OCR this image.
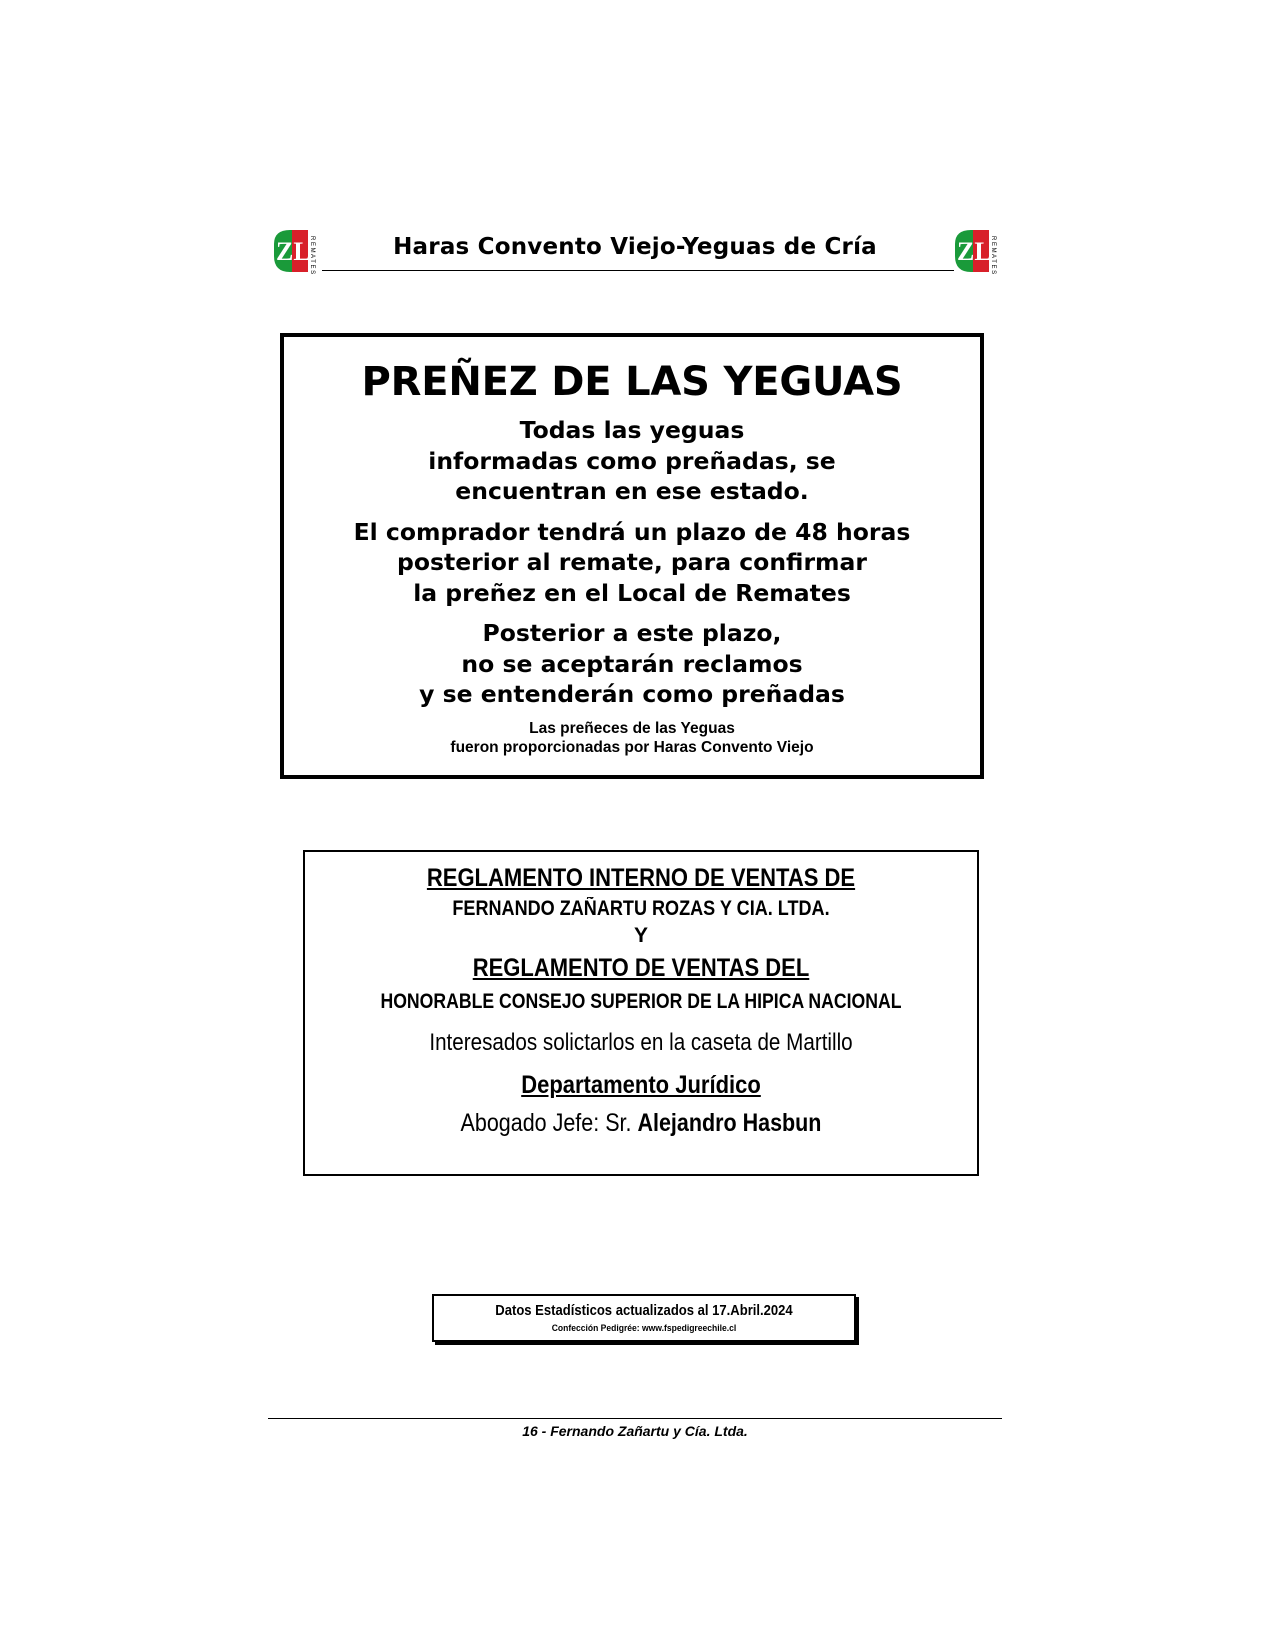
ZL
R E M A T E S	ZL
R E M A T E S
Haras Convento Viejo-Yeguas de Cría
PREÑEZ DE LAS YEGUAS
Todas las yeguas
informadas como preñadas, se
encuentran en ese estado.
El comprador tendrá un plazo de 48 horas
posterior al remate, para confirmar
la preñez en el Local de Remates
Posterior a este plazo,
no se aceptarán reclamos
y se entenderán como preñadas
Las preñeces de las Yeguas
fueron proporcionadas por Haras Convento Viejo
REGLAMENTO INTERNO DE VENTAS DE
FERNANDO ZAÑARTU ROZAS Y CIA. LTDA.
Y
REGLAMENTO DE VENTAS DEL
HONORABLE CONSEJO SUPERIOR DE LA HIPICA NACIONAL
Interesados solictarlos en la caseta de Martillo
Departamento Jurídico
Abogado Jefe: Sr. Alejandro Hasbun
Datos Estadísticos actualizados al 17.Abril.2024
Confección Pedigrée: www.fspedigreechile.cl
16 - Fernando Zañartu y Cía. Ltda.
